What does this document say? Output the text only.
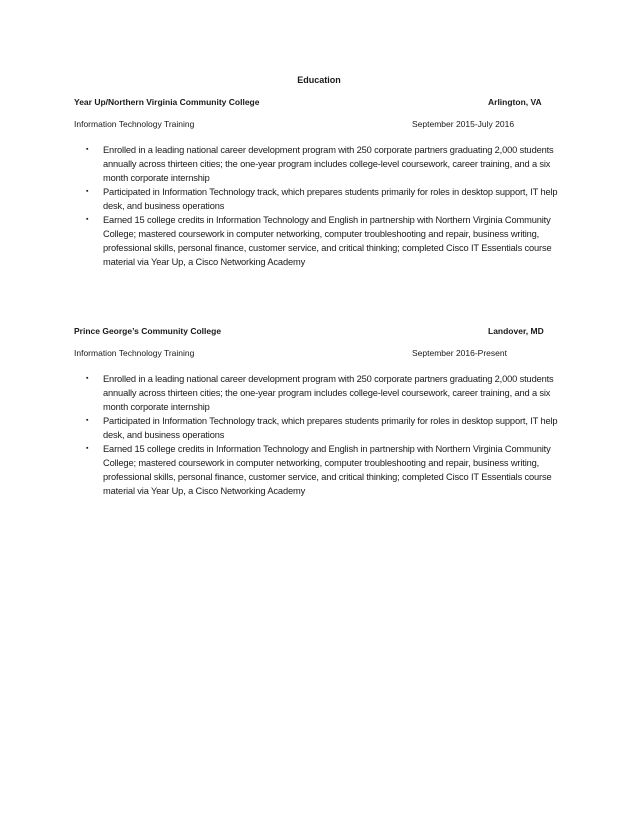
Education
Year Up/Northern Virginia Community College	Arlington, VA
Information Technology Training	September 2015-July 2016
▪ Enrolled in a leading national career development program with 250 corporate partners graduating 2,000 students annually across thirteen cities; the one-year program includes college-level coursework, career training, and a six month corporate internship
▪ Participated in Information Technology track, which prepares students primarily for roles in desktop support, IT help desk, and business operations
▪ Earned 15 college credits in Information Technology and English in partnership with Northern Virginia Community College; mastered coursework in computer networking, computer troubleshooting and repair, business writing, professional skills, personal finance, customer service, and critical thinking; completed Cisco IT Essentials course material via Year Up, a Cisco Networking Academy
Prince George’s Community College	Landover, MD
Information Technology Training	September 2016-Present
▪ Enrolled in a leading national career development program with 250 corporate partners graduating 2,000 students annually across thirteen cities; the one-year program includes college-level coursework, career training, and a six month corporate internship
▪ Participated in Information Technology track, which prepares students primarily for roles in desktop support, IT help desk, and business operations
▪ Earned 15 college credits in Information Technology and English in partnership with Northern Virginia Community College; mastered coursework in computer networking, computer troubleshooting and repair, business writing, professional skills, personal finance, customer service, and critical thinking; completed Cisco IT Essentials course material via Year Up, a Cisco Networking Academy
